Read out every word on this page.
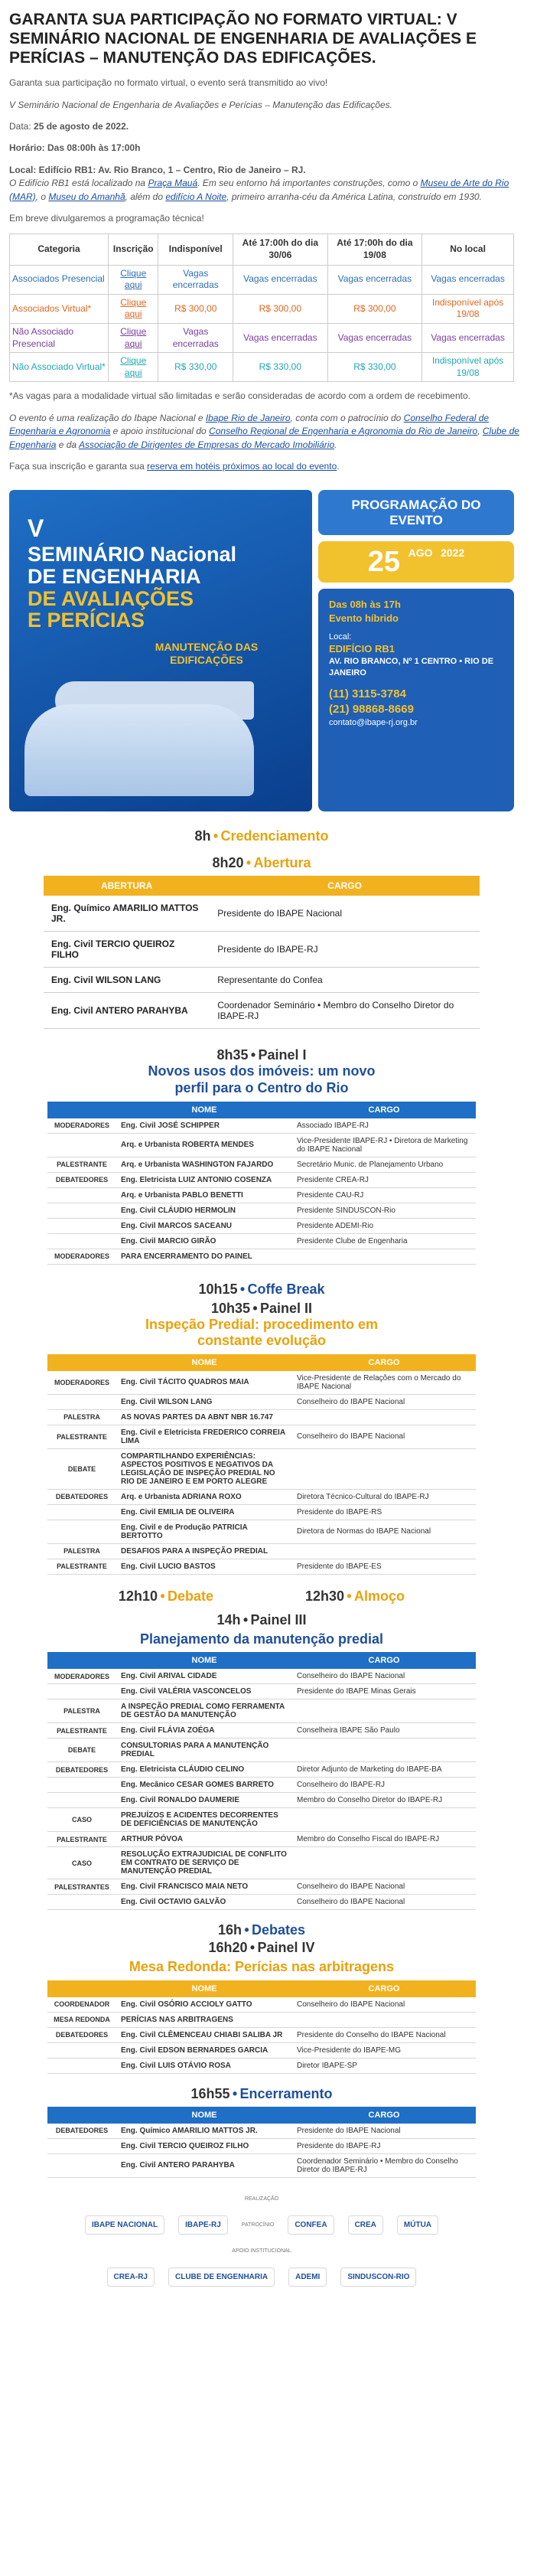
GARANTA SUA PARTICIPAÇÃO NO FORMATO VIRTUAL: V SEMINÁRIO NACIONAL DE ENGENHARIA DE AVALIAÇÕES E PERÍCIAS – MANUTENÇÃO DAS EDIFICAÇÕES.

Garanta sua participação no formato virtual, o evento será transmitido ao vivo!

V Seminário Nacional de Engenharia de Avaliações e Perícias – Manutenção das Edificações.

Data: 25 de agosto de 2022.

Horário: Das 08:00h às 17:00h

Local: Edifício RB1: Av. Rio Branco, 1 – Centro, Rio de Janeiro – RJ.

O Edifício RB1 está localizado na Praça Mauá. Em seu entorno há importantes construções, como o Museu de Arte do Rio (MAR), o Museu do Amanhã, além do edifício A Noite, primeiro arranha-céu da América Latina, construído em 1930.

Em breve divulgaremos a programação técnica!

Categoria	Inscrição	Indisponível	Até 17:00h do dia 30/06	Até 17:00h do dia 19/08	No local
Associados Presencial	Clique aqui	Vagas encerradas	Vagas encerradas	Vagas encerradas	Vagas encerradas
Associados Virtual*	Clique aqui	R$ 300,00	R$ 300,00	R$ 300,00	Indisponível após 19/08
Não Associado Presencial	Clique aqui	Vagas encerradas	Vagas encerradas	Vagas encerradas	Vagas encerradas
Não Associado Virtual*	Clique aqui	R$ 330,00	R$ 330,00	R$ 330,00	Indisponível após 19/08

*As vagas para a modalidade virtual são limitadas e serão consideradas de acordo com a ordem de recebimento.

O evento é uma realização do Ibape Nacional e Ibape Rio de Janeiro, conta com o patrocínio do Conselho Federal de Engenharia e Agronomia e apoio institucional do Conselho Regional de Engenharia e Agronomia do Rio de Janeiro, Clube de Engenharia e da Associação de Dirigentes de Empresas do Mercado Imobiliário.

Faça sua inscrição e garanta sua reserva em hotéis próximos ao local do evento.

V
SEMINÁRIO Nacional
DE ENGENHARIA
DE AVALIAÇÕES
E PERÍCIAS
MANUTENÇÃO DAS EDIFICAÇÕES
PROGRAMAÇÃO DO EVENTO
25 $^{AGO}$ $^{2022}$
Das 08h às 17h
Evento híbrido
Local:
EDIFÍCIO RB1
AV. RIO BRANCO, Nº 1 CENTRO • RIO DE JANEIRO
(11) 3115-3784
(21) 98868-8669
contato@ibape-rj.org.br
8h • Credenciamento
8h20 • Abertura
ABERTURA	CARGO
Eng. Químico AMARILIO MATTOS JR.	Presidente do IBAPE Nacional
Eng. Civil TERCIO QUEIROZ FILHO	Presidente do IBAPE-RJ
Eng. Civil WILSON LANG	Representante do Confea
Eng. Civil ANTERO PARAHYBA	Coordenador Seminário • Membro do Conselho Diretor do IBAPE-RJ
8h35 • Painel I
Novos usos dos imóveis: um novo perfil para o Centro do Rio
	NOME	CARGO
MODERADORES	Eng. Civil JOSÉ SCHIPPER	Associado IBAPE-RJ
	Arq. e Urbanista ROBERTA MENDES	Vice-Presidente IBAPE-RJ • Diretora de Marketing do IBAPE Nacional
PALESTRANTE	Arq. e Urbanista WASHINGTON FAJARDO	Secretário Munic. de Planejamento Urbano
DEBATEDORES	Eng. Eletricista LUIZ ANTONIO COSENZA	Presidente CREA-RJ
	Arq. e Urbanista PABLO BENETTI	Presidente CAU-RJ
	Eng. Civil CLÁUDIO HERMOLIN	Presidente SINDUSCON-Rio
	Eng. Civil MARCOS SACEANU	Presidente ADEMI-Rio
	Eng. Civil MARCIO GIRÃO	Presidente Clube de Engenharia
MODERADORES	PARA ENCERRAMENTO DO PAINEL	
10h15 • Coffe Break
10h35 • Painel II
Inspeção Predial: procedimento em constante evolução
	NOME	CARGO
MODERADORES	Eng. Civil TÁCITO QUADROS MAIA	Vice-Presidente de Relações com o Mercado do IBAPE Nacional
	Eng. Civil WILSON LANG	Conselheiro do IBAPE Nacional
PALESTRA	AS NOVAS PARTES DA ABNT NBR 16.747	
PALESTRANTE	Eng. Civil e Eletricista FREDERICO CORREIA LIMA	Conselheiro do IBAPE Nacional
DEBATE	COMPARTILHANDO EXPERIÊNCIAS: ASPECTOS POSITIVOS E NEGATIVOS DA LEGISLAÇÃO DE INSPEÇÃO PREDIAL NO RIO DE JANEIRO E EM PORTO ALEGRE	
DEBATEDORES	Arq. e Urbanista ADRIANA ROXO	Diretora Técnico-Cultural do IBAPE-RJ
	Eng. Civil EMILIA DE OLIVEIRA	Presidente do IBAPE-RS
	Eng. Civil e de Produção PATRICIA BERTOTTO	Diretora de Normas do IBAPE Nacional
PALESTRA	DESAFIOS PARA A INSPEÇÃO PREDIAL	
PALESTRANTE	Eng. Civil LUCIO BASTOS	Presidente do IBAPE-ES
12h10 • Debate	12h30 • Almoço
14h • Painel III
Planejamento da manutenção predial
	NOME	CARGO
MODERADORES	Eng. Civil ARIVAL CIDADE	Conselheiro do IBAPE Nacional
	Eng. Civil VALÉRIA VASCONCELOS	Presidente do IBAPE Minas Gerais
PALESTRA	A INSPEÇÃO PREDIAL COMO FERRAMENTA DE GESTÃO DA MANUTENÇÃO	
PALESTRANTE	Eng. Civil FLÁVIA ZOÉGA	Conselheira IBAPE São Paulo
DEBATE	CONSULTORIAS PARA A MANUTENÇÃO PREDIAL	
DEBATEDORES	Eng. Eletricista CLÁUDIO CELINO	Diretor Adjunto de Marketing do IBAPE-BA
	Eng. Mecânico CESAR GOMES BARRETO	Conselheiro do IBAPE-RJ
	Eng. Civil RONALDO DAUMERIE	Membro do Conselho Diretor do IBAPE-RJ
CASO	PREJUÍZOS E ACIDENTES DECORRENTES DE DEFICIÊNCIAS DE MANUTENÇÃO	
PALESTRANTE	ARTHUR PÓVOA	Membro do Conselho Fiscal do IBAPE-RJ
CASO	RESOLUÇÃO EXTRAJUDICIAL DE CONFLITO EM CONTRATO DE SERVIÇO DE MANUTENÇÃO PREDIAL	
PALESTRANTES	Eng. Civil FRANCISCO MAIA NETO	Conselheiro do IBAPE Nacional
	Eng. Civil OCTAVIO GALVÃO	Conselheiro do IBAPE Nacional
16h • Debates
16h20 • Painel IV
Mesa Redonda: Perícias nas arbitragens
	NOME	CARGO
COORDENADOR	Eng. Civil OSÓRIO ACCIOLY GATTO	Conselheiro do IBAPE Nacional
MESA REDONDA	PERÍCIAS NAS ARBITRAGENS	
DEBATEDORES	Eng. Civil CLÊMENCEAU CHIABI SALIBA JR	Presidente do Conselho do IBAPE Nacional
	Eng. Civil EDSON BERNARDES GARCIA	Vice-Presidente do IBAPE-MG
	Eng. Civil LUIS OTÁVIO ROSA	Diretor IBAPE-SP
16h55 • Encerramento
	NOME	CARGO
DEBATEDORES	Eng. Químico AMARILIO MATTOS JR.	Presidente do IBAPE Nacional
	Eng. Civil TERCIO QUEIROZ FILHO	Presidente do IBAPE-RJ
	Eng. Civil ANTERO PARAHYBA	Coordenador Seminário • Membro do Conselho Diretor do IBAPE-RJ
REALIZAÇÃO
IBAPE NACIONAL	IBAPE-RJ	PATROCÍNIO	CONFEA	CREA	MÚTUA
APOIO INSTITUCIONAL
CREA-RJ	CLUBE DE ENGENHARIA	ADEMI	SINDUSCON-RIO
